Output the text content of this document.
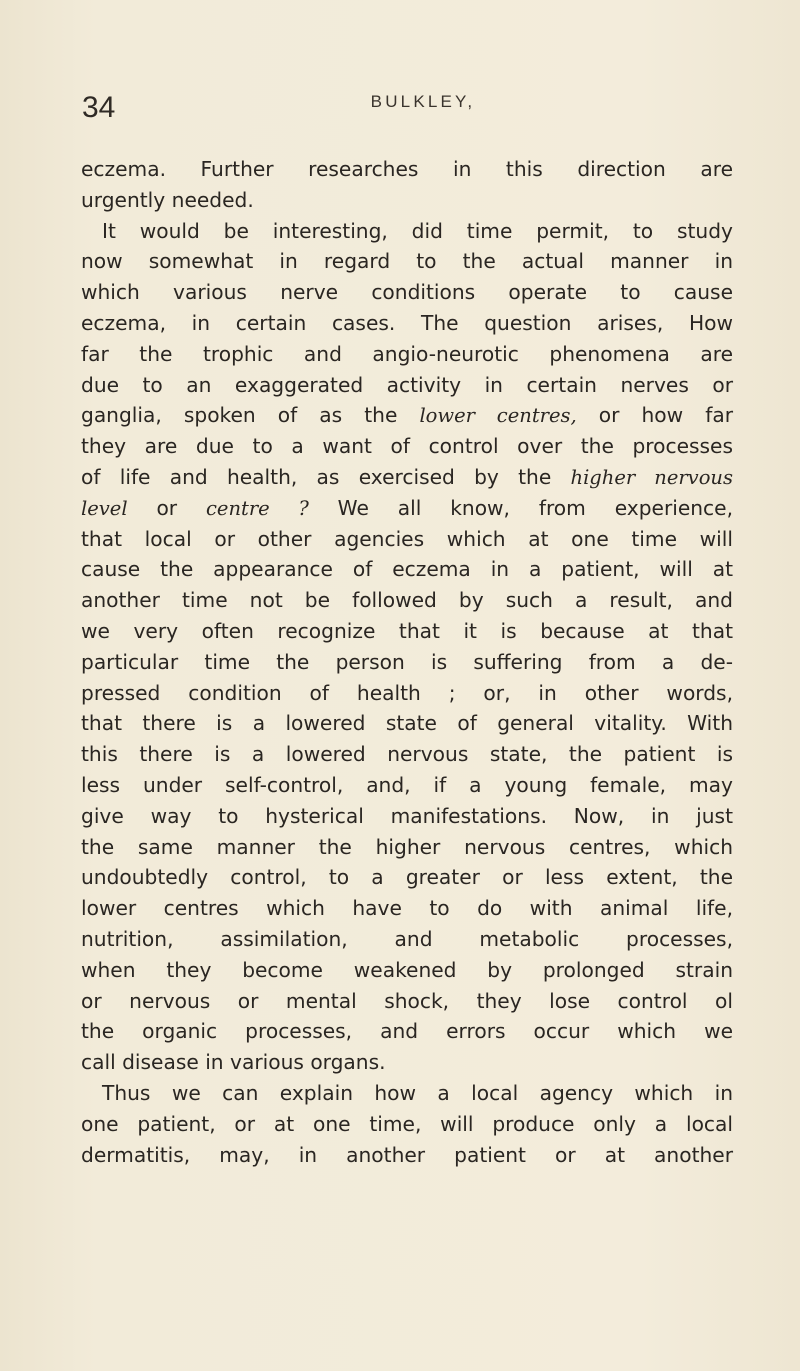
34	BULKLEY,
eczema. Further researches in this direction are
urgently needed.
It would be interesting, did time permit, to study
now somewhat in regard to the actual manner in
which various nerve conditions operate to cause
eczema, in certain cases. The question arises, How
far the trophic and angio-neurotic phenomena are
due to an exaggerated activity in certain nerves or
ganglia, spoken of as the lower centres, or how far
they are due to a want of control over the processes
of life and health, as exercised by the higher nervous
level or centre ? We all know, from experience,
that local or other agencies which at one time will
cause the appearance of eczema in a patient, will at
another time not be followed by such a result, and
we very often recognize that it is because at that
particular time the person is suffering from a de-
pressed condition of health ; or, in other words,
that there is a lowered state of general vitality. With
this there is a lowered nervous state, the patient is
less under self-control, and, if a young female, may
give way to hysterical manifestations. Now, in just
the same manner the higher nervous centres, which
undoubtedly control, to a greater or less extent, the
lower centres which have to do with animal life,
nutrition, assimilation, and metabolic processes,
when they become weakened by prolonged strain
or nervous or mental shock, they lose control ol
the organic processes, and errors occur which we
call disease in various organs.
Thus we can explain how a local agency which in
one patient, or at one time, will produce only a local
dermatitis, may, in another patient or at another
